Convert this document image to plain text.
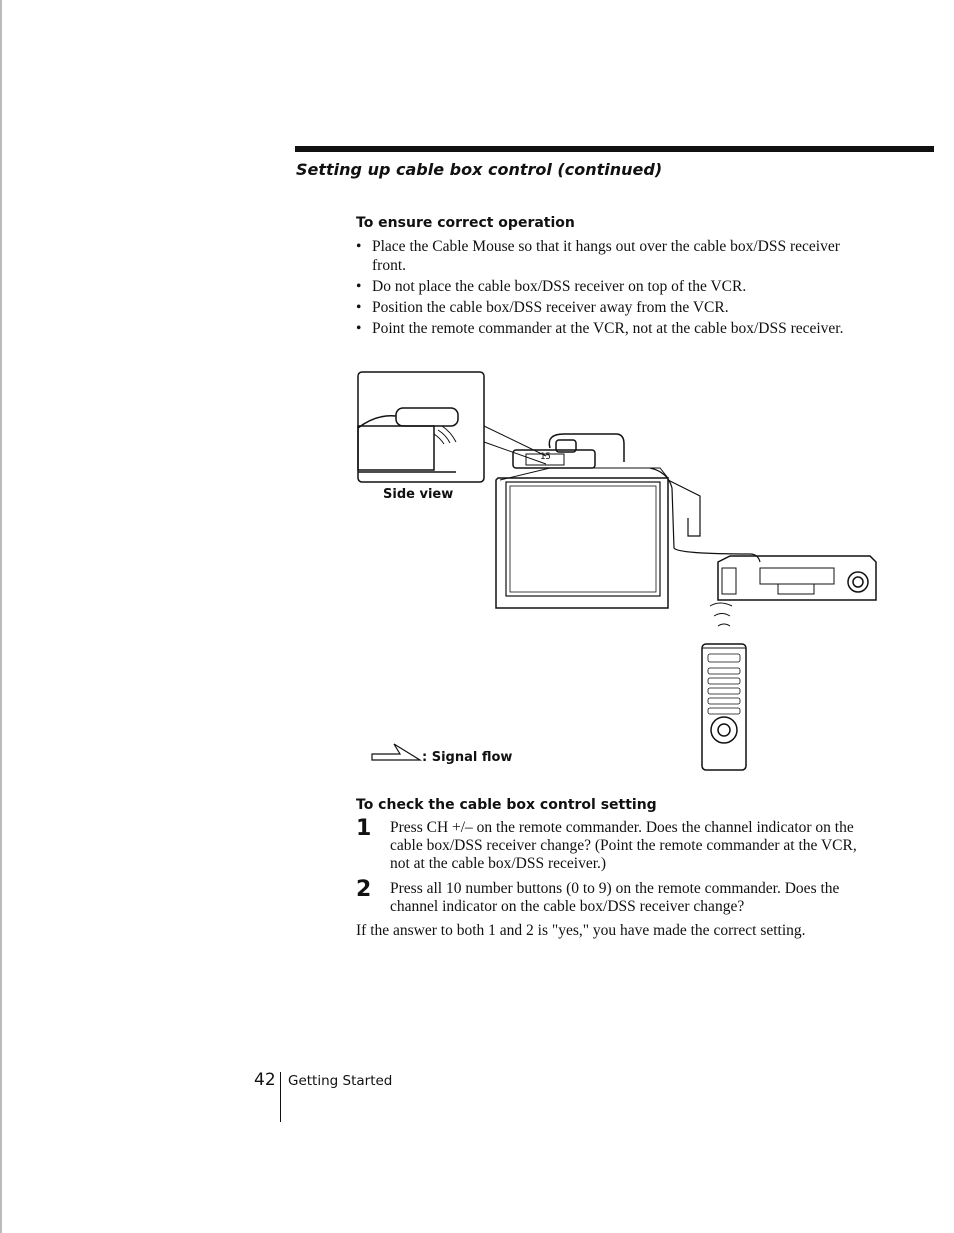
Setting up cable box control (continued)
To ensure correct operation
• Place the Cable Mouse so that it hangs out over the cable box/DSS receiver front.
• Do not place the cable box/DSS receiver on top of the VCR.
• Position the cable box/DSS receiver away from the VCR.
• Point the remote commander at the VCR, not at the cable box/DSS receiver.
15
Side view
: Signal flow
To check the cable box control setting
1 Press CH +/– on the remote commander. Does the channel indicator on the cable box/DSS receiver change? (Point the remote commander at the VCR, not at the cable box/DSS receiver.)
2 Press all 10 number buttons (0 to 9) on the remote commander. Does the channel indicator on the cable box/DSS receiver change?

If the answer to both 1 and 2 is "yes," you have made the correct setting.

42 Getting Started
